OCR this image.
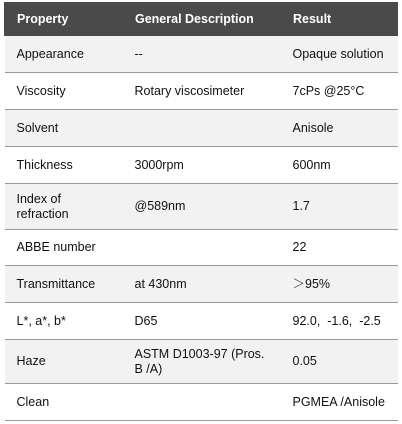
Property	General Description	Result
Appearance	--	Opaque solution
Viscosity	Rotary viscosimeter	7cPs @25°C
Solvent		Anisole
Thickness	3000rpm	600nm
Index of refraction	@589nm	1.7
ABBE number		22
Transmittance	at 430nm	＞95%
L*, a*, b*	D65	92.0,  -1.6,  -2.5
Haze	ASTM D1003-97 (Pros. B /A)	0.05
Clean		PGMEA /Anisole
